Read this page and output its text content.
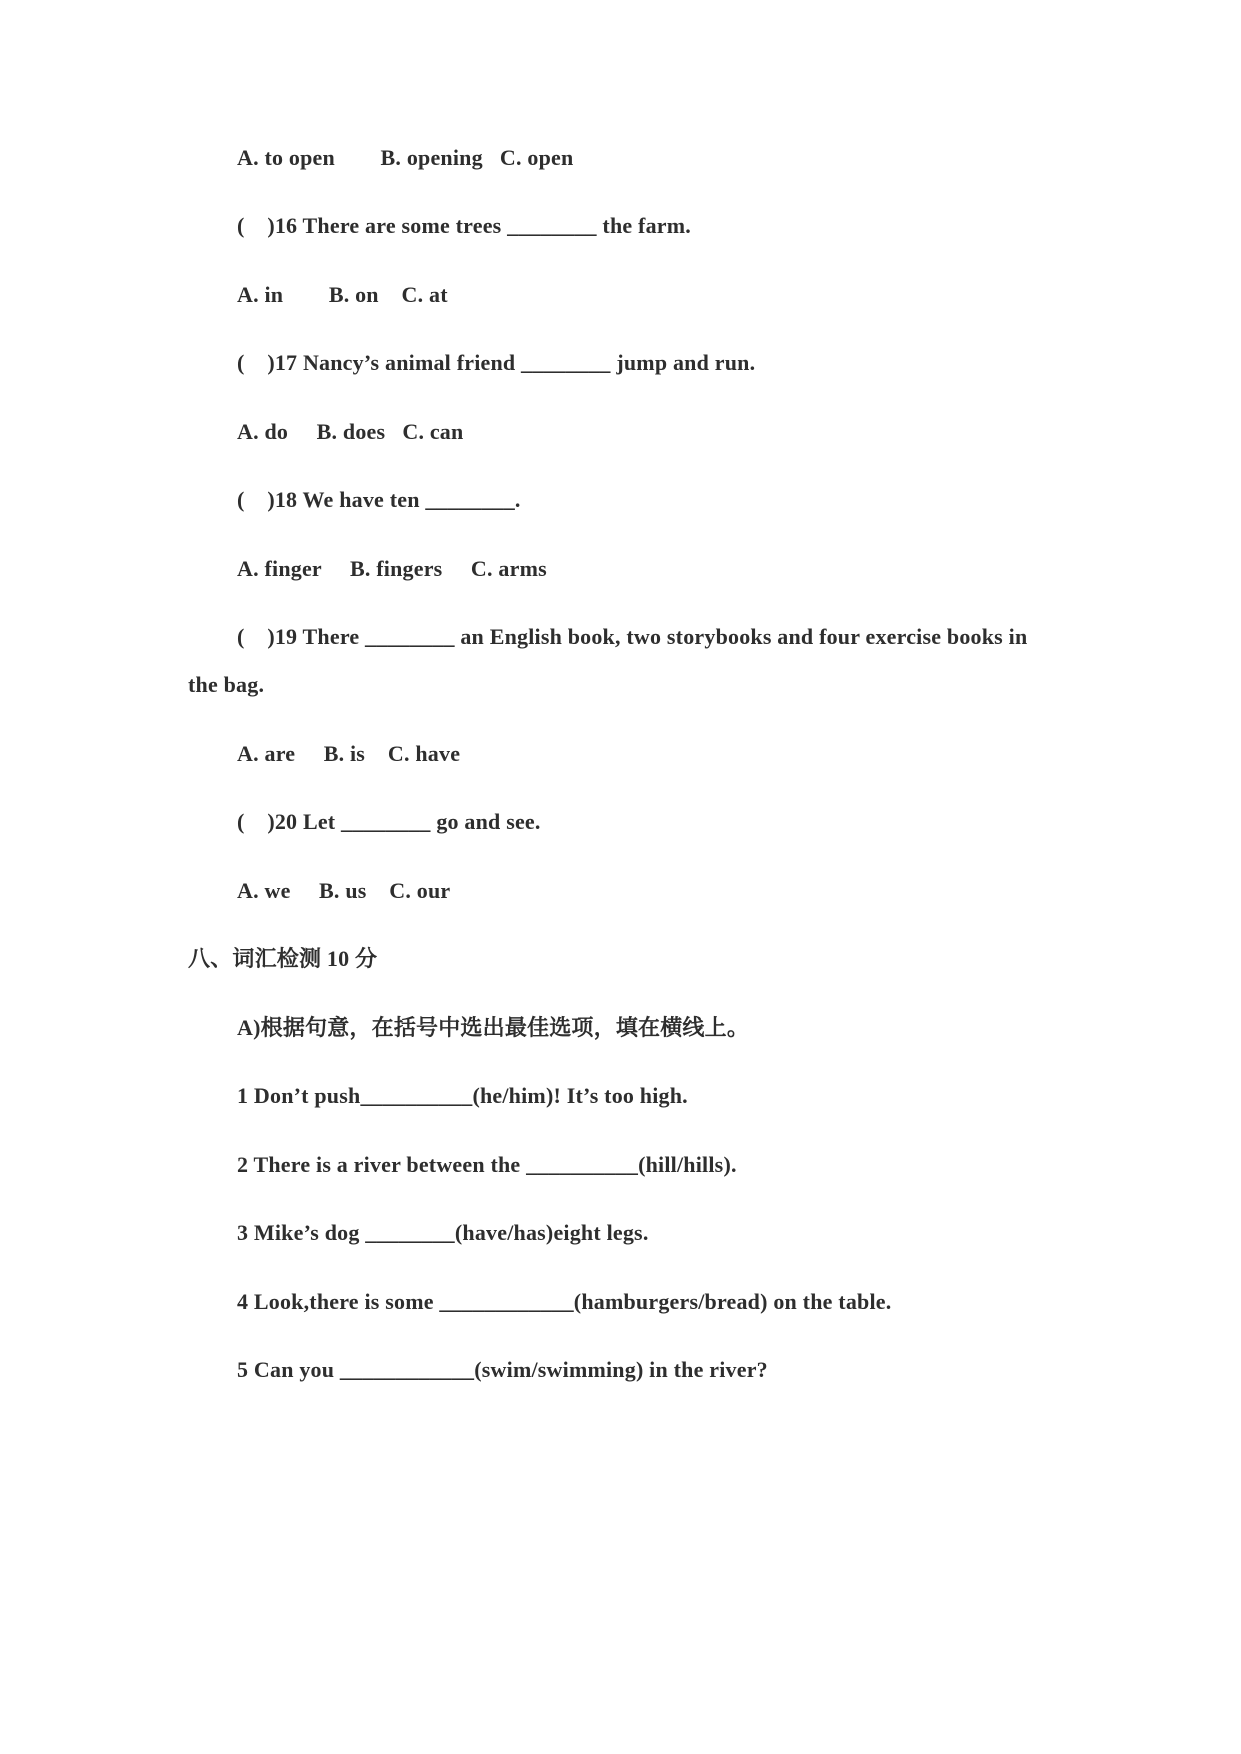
A. to open        B. opening   C. open
(    )16 There are some trees ________ the farm.
A. in        B. on    C. at
(    )17 Nancy’s animal friend ________ jump and run.
A. do     B. does   C. can
(    )18 We have ten ________.
A. finger     B. fingers     C. arms
(    )19 There ________ an English book, two storybooks and four exercise books in
the bag.
A. are     B. is    C. have
(    )20 Let ________ go and see.
A. we     B. us    C. our
八、词汇检测 10 分
A)根据句意，在括号中选出最佳选项，填在横线上。
1 Don’t push__________(he/him)! It’s too high.
2 There is a river between the __________(hill/hills).
3 Mike’s dog ________(have/has)eight legs.
4 Look,there is some ____________(hamburgers/bread) on the table.
5 Can you ____________(swim/swimming) in the river?
